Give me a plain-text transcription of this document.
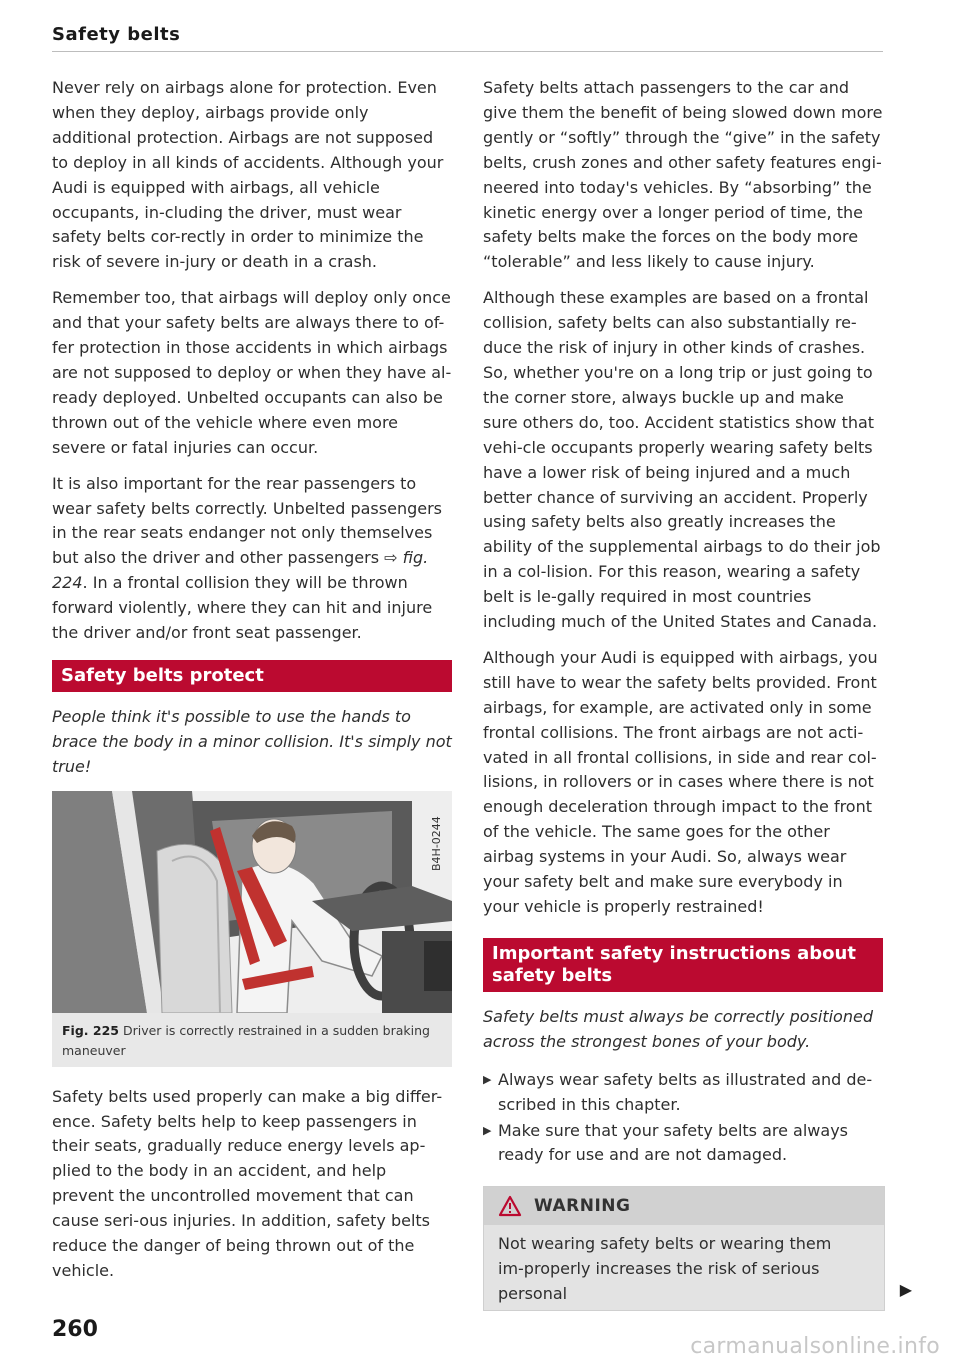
Safety belts

Never rely on airbags alone for protection. Even when they deploy, airbags provide only additional protection. Airbags are not supposed to deploy in all kinds of accidents. Although your Audi is equipped with airbags, all vehicle occupants, in-cluding the driver, must wear safety belts cor-rectly in order to minimize the risk of severe in-jury or death in a crash.

Remember too, that airbags will deploy only once and that your safety belts are always there to of-fer protection in those accidents in which airbags are not supposed to deploy or when they have al-ready deployed. Unbelted occupants can also be thrown out of the vehicle where even more severe or fatal injuries can occur.

It is also important for the rear passengers to wear safety belts correctly. Unbelted passengers in the rear seats endanger not only themselves but also the driver and other passengers ⇨ fig. 224. In a frontal collision they will be thrown forward violently, where they can hit and injure the driver and/or front seat passenger.

Safety belts protect

People think it's possible to use the hands to brace the body in a minor collision. It's simply not true!

B4H-0244
Fig. 225 Driver is correctly restrained in a sudden braking maneuver

Safety belts used properly can make a big differ-ence. Safety belts help to keep passengers in their seats, gradually reduce energy levels ap-plied to the body in an accident, and help prevent the uncontrolled movement that can cause seri-ous injuries. In addition, safety belts reduce the danger of being thrown out of the vehicle.

Safety belts attach passengers to the car and give them the benefit of being slowed down more gently or “softly” through the “give” in the safety belts, crush zones and other safety features engi-neered into today's vehicles. By “absorbing” the kinetic energy over a longer period of time, the safety belts make the forces on the body more “tolerable” and less likely to cause injury.

Although these examples are based on a frontal collision, safety belts can also substantially re-duce the risk of injury in other kinds of crashes. So, whether you're on a long trip or just going to the corner store, always buckle up and make sure others do, too. Accident statistics show that vehi-cle occupants properly wearing safety belts have a lower risk of being injured and a much better chance of surviving an accident. Properly using safety belts also greatly increases the ability of the supplemental airbags to do their job in a col-lision. For this reason, wearing a safety belt is le-gally required in most countries including much of the United States and Canada.

Although your Audi is equipped with airbags, you still have to wear the safety belts provided. Front airbags, for example, are activated only in some frontal collisions. The front airbags are not acti-vated in all frontal collisions, in side and rear col-lisions, in rollovers or in cases where there is not enough deceleration through impact to the front of the vehicle. The same goes for the other airbag systems in your Audi. So, always wear your safety belt and make sure everybody in your vehicle is properly restrained!

Important safety instructions about safety belts

Safety belts must always be correctly positioned across the strongest bones of your body.

▶ Always wear safety belts as illustrated and de-scribed in this chapter.
▶ Make sure that your safety belts are always ready for use and are not damaged.
WARNING
Not wearing safety belts or wearing them im-properly increases the risk of serious personal	▶
260
carmanualsonline.info
